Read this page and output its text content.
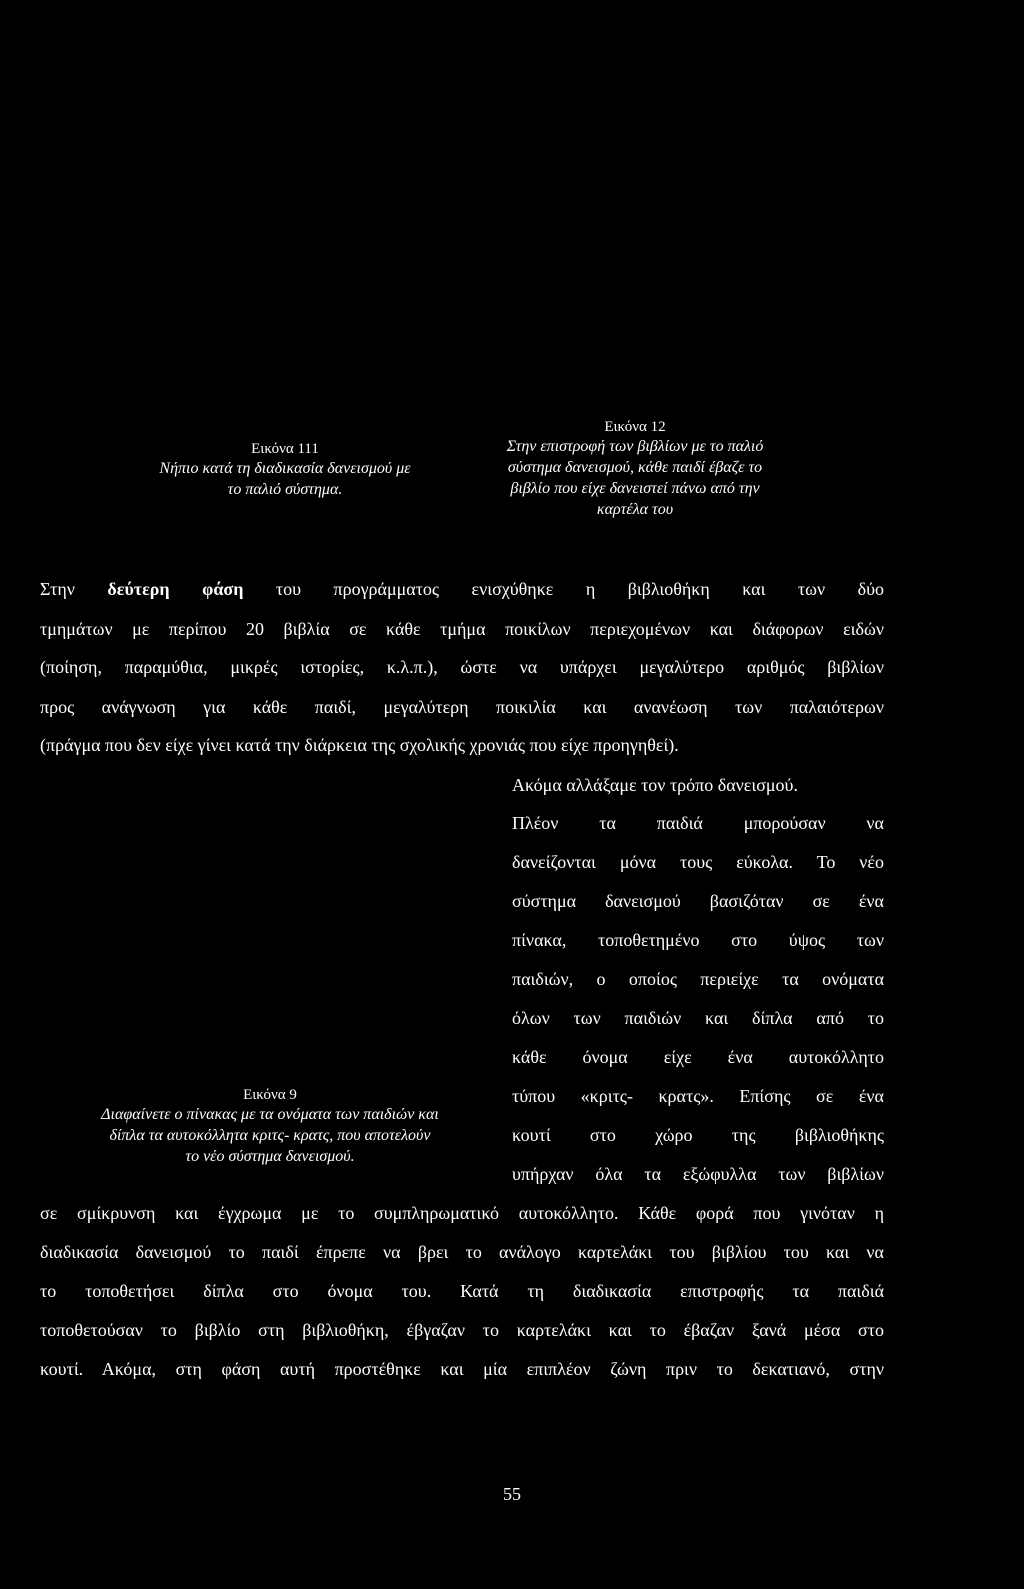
Εικόνα 111
Νήπιο κατά τη διαδικασία δανεισμού με
το παλιό σύστημα.
Εικόνα 12
Στην επιστροφή των βιβλίων με το παλιό
σύστημα δανεισμού, κάθε παιδί έβαζε το
βιβλίο που είχε δανειστεί πάνω από την
καρτέλα του
Εικόνα 9
Διαφαίνετε ο πίνακας με τα ονόματα των παιδιών και
δίπλα τα αυτοκόλλητα κριτς- κρατς, που αποτελούν
το νέο σύστημα δανεισμού.
Στην δεύτερη φάση του προγράμματος ενισχύθηκε η βιβλιοθήκη και των δύο
τμημάτων με περίπου 20 βιβλία σε κάθε τμήμα ποικίλων περιεχομένων και διάφορων ειδών
(ποίηση, παραμύθια, μικρές ιστορίες, κ.λ.π.), ώστε να υπάρχει μεγαλύτερο αριθμός βιβλίων
προς ανάγνωση για κάθε παιδί, μεγαλύτερη ποικιλία και ανανέωση των παλαιότερων
(πράγμα που δεν είχε γίνει κατά την διάρκεια της σχολικής χρονιάς που είχε προηγηθεί).
Ακόμα αλλάξαμε τον τρόπο δανεισμού.
Πλέον τα παιδιά μπορούσαν να
δανείζονται μόνα τους εύκολα. Το νέο
σύστημα δανεισμού βασιζόταν σε ένα
πίνακα, τοποθετημένο στο ύψος των
παιδιών, ο οποίος περιείχε τα ονόματα
όλων των παιδιών και δίπλα από το
κάθε όνομα είχε ένα αυτοκόλλητο
τύπου «κριτς- κρατς». Επίσης σε ένα
κουτί στο χώρο της βιβλιοθήκης
υπήρχαν όλα τα εξώφυλλα των βιβλίων
σε σμίκρυνση και έγχρωμα με το συμπληρωματικό αυτοκόλλητο. Κάθε φορά που γινόταν η
διαδικασία δανεισμού το παιδί έπρεπε να βρει το ανάλογο καρτελάκι του βιβλίου του και να
το τοποθετήσει δίπλα στο όνομα του. Κατά τη διαδικασία επιστροφής τα παιδιά
τοποθετούσαν το βιβλίο στη βιβλιοθήκη, έβγαζαν το καρτελάκι και το έβαζαν ξανά μέσα στο
κουτί. Ακόμα, στη φάση αυτή προστέθηκε και μία επιπλέον ζώνη πριν το δεκατιανό, στην
55
